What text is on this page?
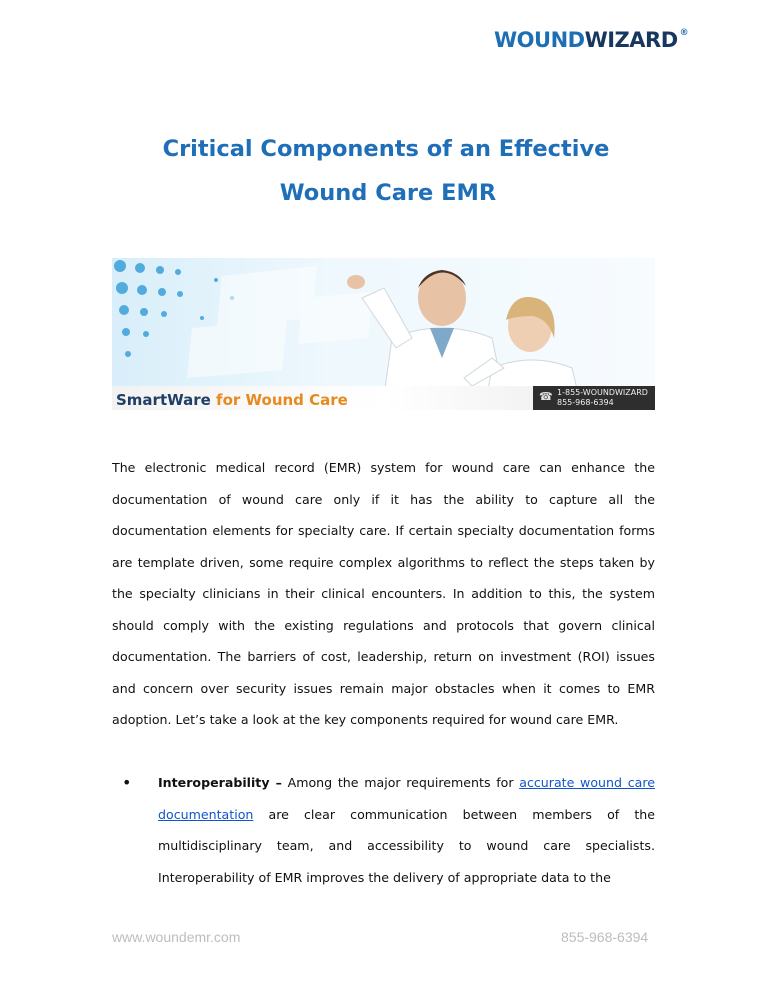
WOUND WIZARD ®
Critical Components of an Effective
Wound Care EMR
SmartWare for Wound Care	☎ 1-855-WOUNDWIZARD
855-968-6394

The electronic medical record (EMR) system for wound care can enhance the documentation of wound care only if it has the ability to capture all the documentation elements for specialty care. If certain specialty documentation forms are template driven, some require complex algorithms to reflect the steps taken by the specialty clinicians in their clinical encounters. In addition to this, the system should comply with the existing regulations and protocols that govern clinical documentation. The barriers of cost, leadership, return on investment (ROI) issues and concern over security issues remain major obstacles when it comes to EMR adoption. Let’s take a look at the key components required for wound care EMR.

• Interoperability – Among the major requirements for accurate wound care documentation are clear communication between members of the multidisciplinary team, and accessibility to wound care specialists. Interoperability of EMR improves the delivery of appropriate data to the

www.woundemr.com	855-968-6394
